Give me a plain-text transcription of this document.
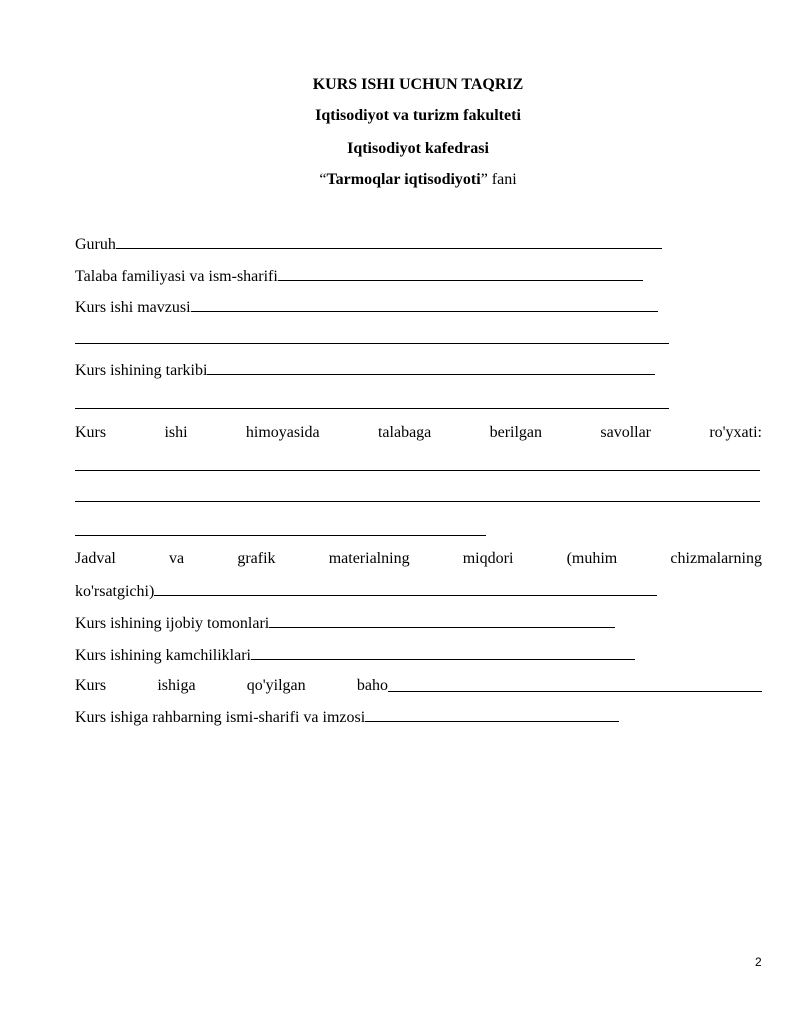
KURS ISHI UCHUN TAQRIZ
Iqtisodiyot va turizm fakulteti
Iqtisodiyot kafedrasi
“Tarmoqlar iqtisodiyoti” fani
Guruh
Talaba familiyasi va ism-sharifi
Kurs ishi mavzusi
Kurs ishining tarkibi
Kurs	ishi	himoyasida	talabaga	berilgan	savollar	ro'yxati:
Jadval	va	grafik	materialning	miqdori	(muhim	chizmalarning
ko'rsatgichi)
Kurs ishining ijobiy tomonlari
Kurs ishining kamchiliklari
Kurs	ishiga	qo'yilgan	baho
Kurs ishiga rahbarning ismi-sharifi va imzosi
2
